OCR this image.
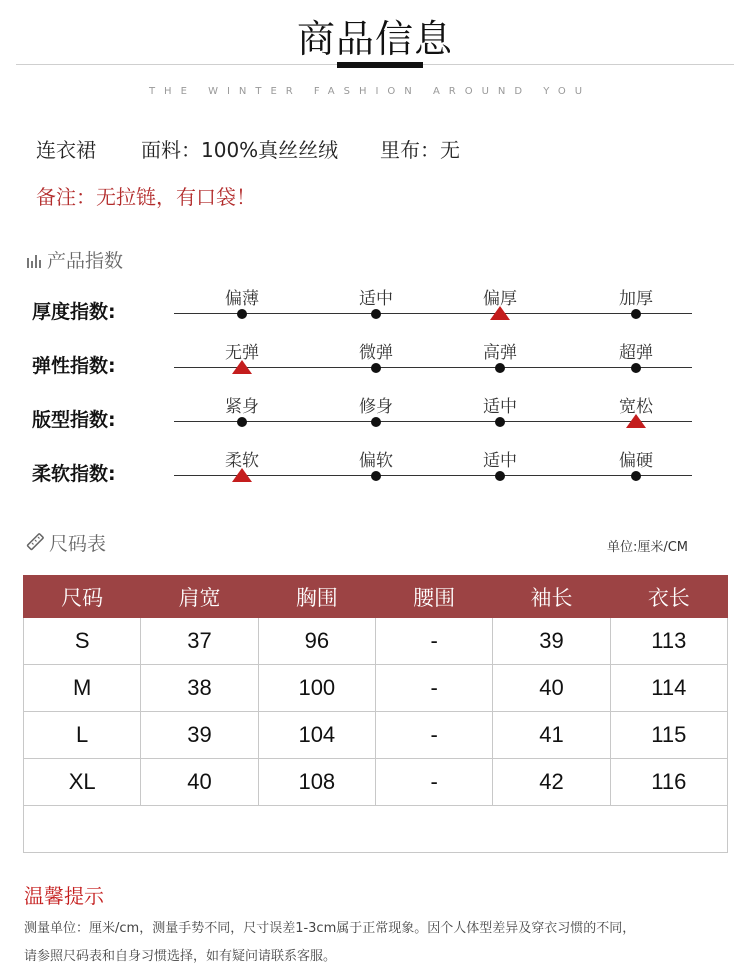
商品信息
THE WINTER FASHION AROUND YOU
连衣裙 面料：100%真丝丝绒 里布：无
备注：无拉链，有口袋！
产品指数
厚度指数:
偏薄	适中	偏厚	加厚
弹性指数:
无弹	微弹	高弹	超弹
版型指数:
紧身	修身	适中	宽松
柔软指数:
柔软	偏软	适中	偏硬
尺码表	单位:厘米/CM
尺码	肩宽	胸围	腰围	袖长	衣长
S	37	96	-	39	113
M	38	100	-	40	114
L	39	104	-	41	115
XL	40	108	-	42	116

温馨提示
测量单位：厘米/cm，测量手势不同，尺寸误差1-3cm属于正常现象。因个人体型差异及穿衣习惯的不同，
请参照尺码表和自身习惯选择，如有疑问请联系客服。
